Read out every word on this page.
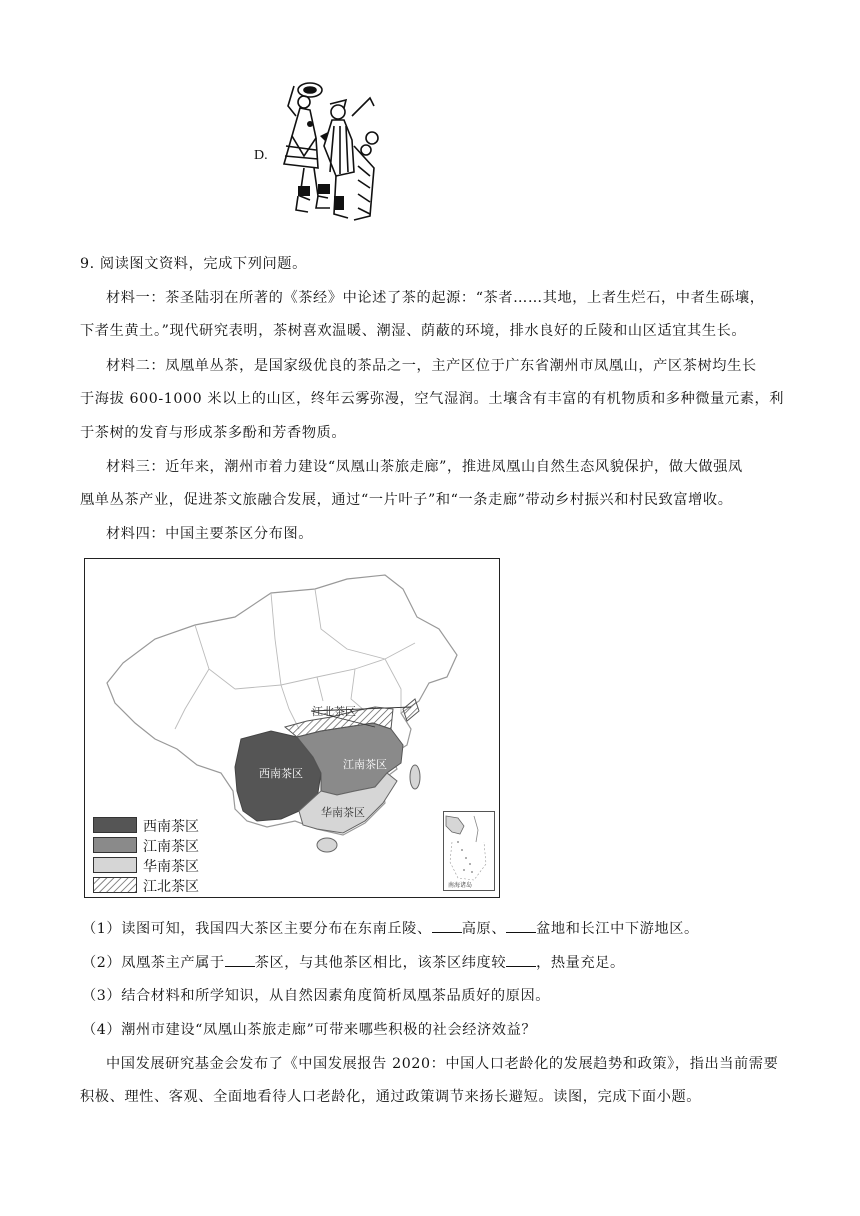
D.
9. 阅读图文资料，完成下列问题。
材料一：茶圣陆羽在所著的《茶经》中论述了茶的起源：“茶者……其地，上者生烂石，中者生砾壤，
下者生黄土。”现代研究表明，茶树喜欢温暖、潮湿、荫蔽的环境，排水良好的丘陵和山区适宜其生长。
材料二：凤凰单丛茶，是国家级优良的茶品之一，主产区位于广东省潮州市凤凰山，产区茶树均生长
于海拔 600-1000 米以上的山区，终年云雾弥漫，空气湿润。土壤含有丰富的有机物质和多种微量元素，利
于茶树的发育与形成茶多酚和芳香物质。
材料三：近年来，潮州市着力建设“凤凰山茶旅走廊”，推进凤凰山自然生态风貌保护，做大做强凤
凰单丛茶产业，促进茶文旅融合发展，通过“一片叶子”和“一条走廊”带动乡村振兴和村民致富增收。
材料四：中国主要茶区分布图。
江北茶区
西南茶区
江南茶区
华南茶区
西南茶区
江南茶区
华南茶区
江北茶区	南海诸岛
（1）读图可知，我国四大茶区主要分布在东南丘陵、 高原、 盆地和长江中下游地区。
（2）凤凰茶主产属于 茶区，与其他茶区相比，该茶区纬度较 ，热量充足。
（3）结合材料和所学知识，从自然因素角度简析凤凰茶品质好的原因。
（4）潮州市建设“凤凰山茶旅走廊”可带来哪些积极的社会经济效益？
中国发展研究基金会发布了《中国发展报告 2020：中国人口老龄化的发展趋势和政策》，指出当前需要
积极、理性、客观、全面地看待人口老龄化，通过政策调节来扬长避短。读图，完成下面小题。
